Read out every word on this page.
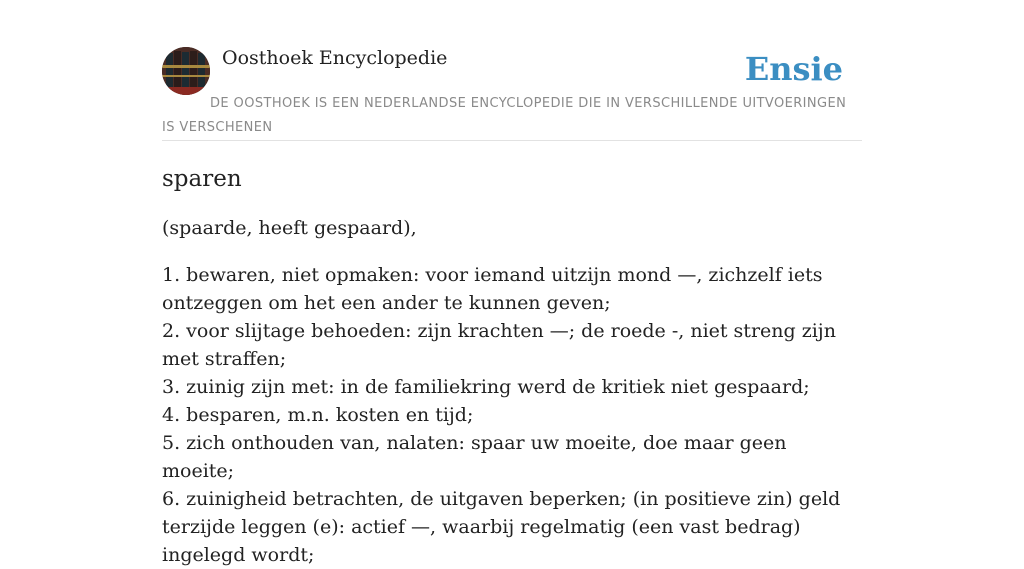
Oosthoek Encyclopedie	Ensie
DE OOSTHOEK IS EEN NEDERLANDSE ENCYCLOPEDIE DIE IN VERSCHILLENDE UITVOERINGEN IS VERSCHENEN
sparen

(spaarde, heeft gespaard),

1. bewaren, niet opmaken: voor iemand uitzijn mond —, zichzelf iets ontzeggen om het een ander te kunnen geven;
2. voor slijtage behoeden: zijn krachten —; de roede -, niet streng zijn met straffen;
3. zuinig zijn met: in de familiekring werd de kritiek niet gespaard;
4. besparen, m.n. kosten en tijd;
5. zich onthouden van, nalaten: spaar uw moeite, doe maar geen moeite;
6. zuinigheid betrachten, de uitgaven beperken; (in positieve zin) geld terzijde leggen (e): actief —, waarbij regelmatig (een vast bedrag) ingelegd wordt;
